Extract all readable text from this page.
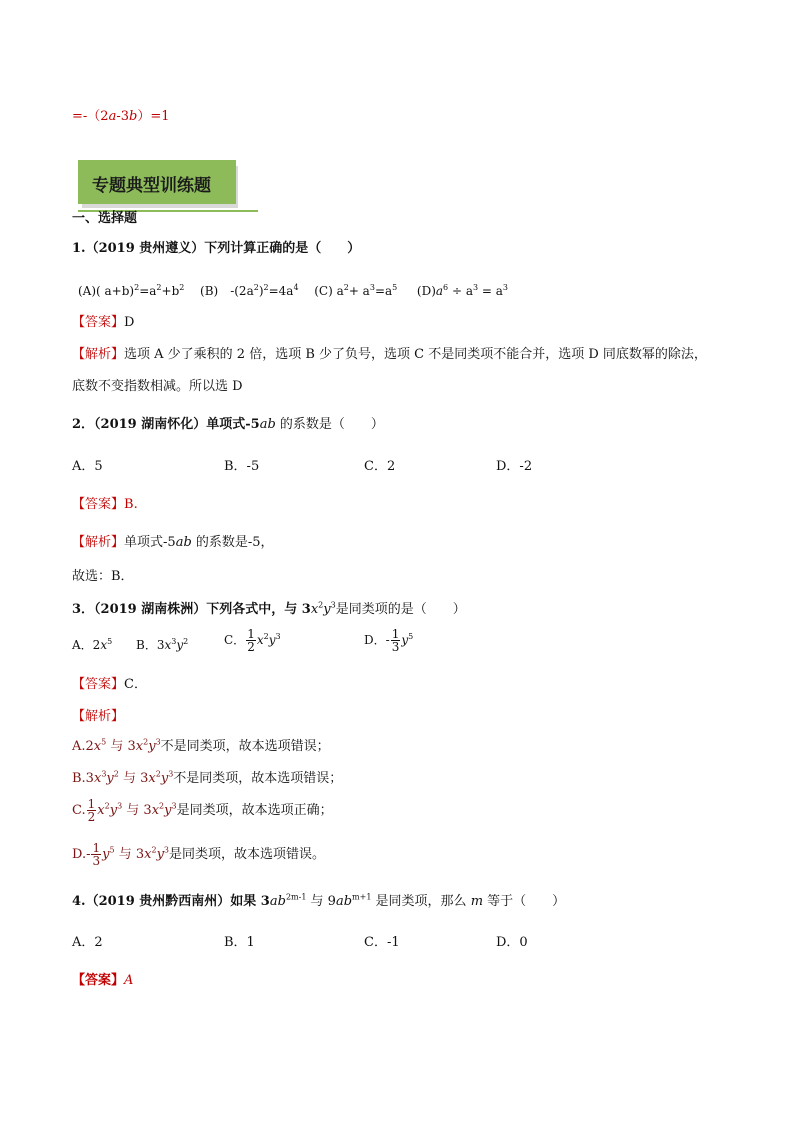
=-（2a-3b）=1
专题典型训练题
一、选择题
1.（2019 贵州遵义）下列计算正确的是（　　）
(A)( $a+b)^2=a^2+b^2$ (B)　$-(2a^2)^2=4a^4$ (C) $a^2+ a^3=a^5$ $(D)a^6 \div a^3 = a^3$
【答案】D
【解析】选项 A 少了乘积的 2 倍，选项 B 少了负号，选项 C 不是同类项不能合并，选项 D 同底数幂的除法，
底数不变指数相减。所以选 D
2．（2019 湖南怀化）单项式-5ab 的系数是（　　）
A．5	B．-5	C．2	D．-2
【答案】B.
【解析】单项式-5ab 的系数是-5，
故选：B．
3．（2019 湖南株洲）下列各式中，与 $3x^2y^3$是同类项的是（　　）
A．$2x^5$ B．$3x^3y^2$	C． $\frac{1}{2} x^2y^3$	D．- $\frac{1}{3} y^5$
【答案】C．
【解析】
$A.2x^5$ 与 $3x^2y^3$不是同类项，故本选项错误；
$B.3x^3y^2$ 与 $3x^2y^3$不是同类项，故本选项错误；
C. $\frac{1}{2} x^2y^3$ 与 $3x^2y^3$是同类项，故本选项正确；
$D.- \frac{1}{3} y^5$ 与 $3x^2y^3$是同类项，故本选项错误。
4.（2019 贵州黔西南州）如果 $3ab^{2m-1}$ 与 $9ab^{m+1}$ 是同类项，那么 m 等于（　　）
A．2	B．1	C．-1	D．0
【答案】A
